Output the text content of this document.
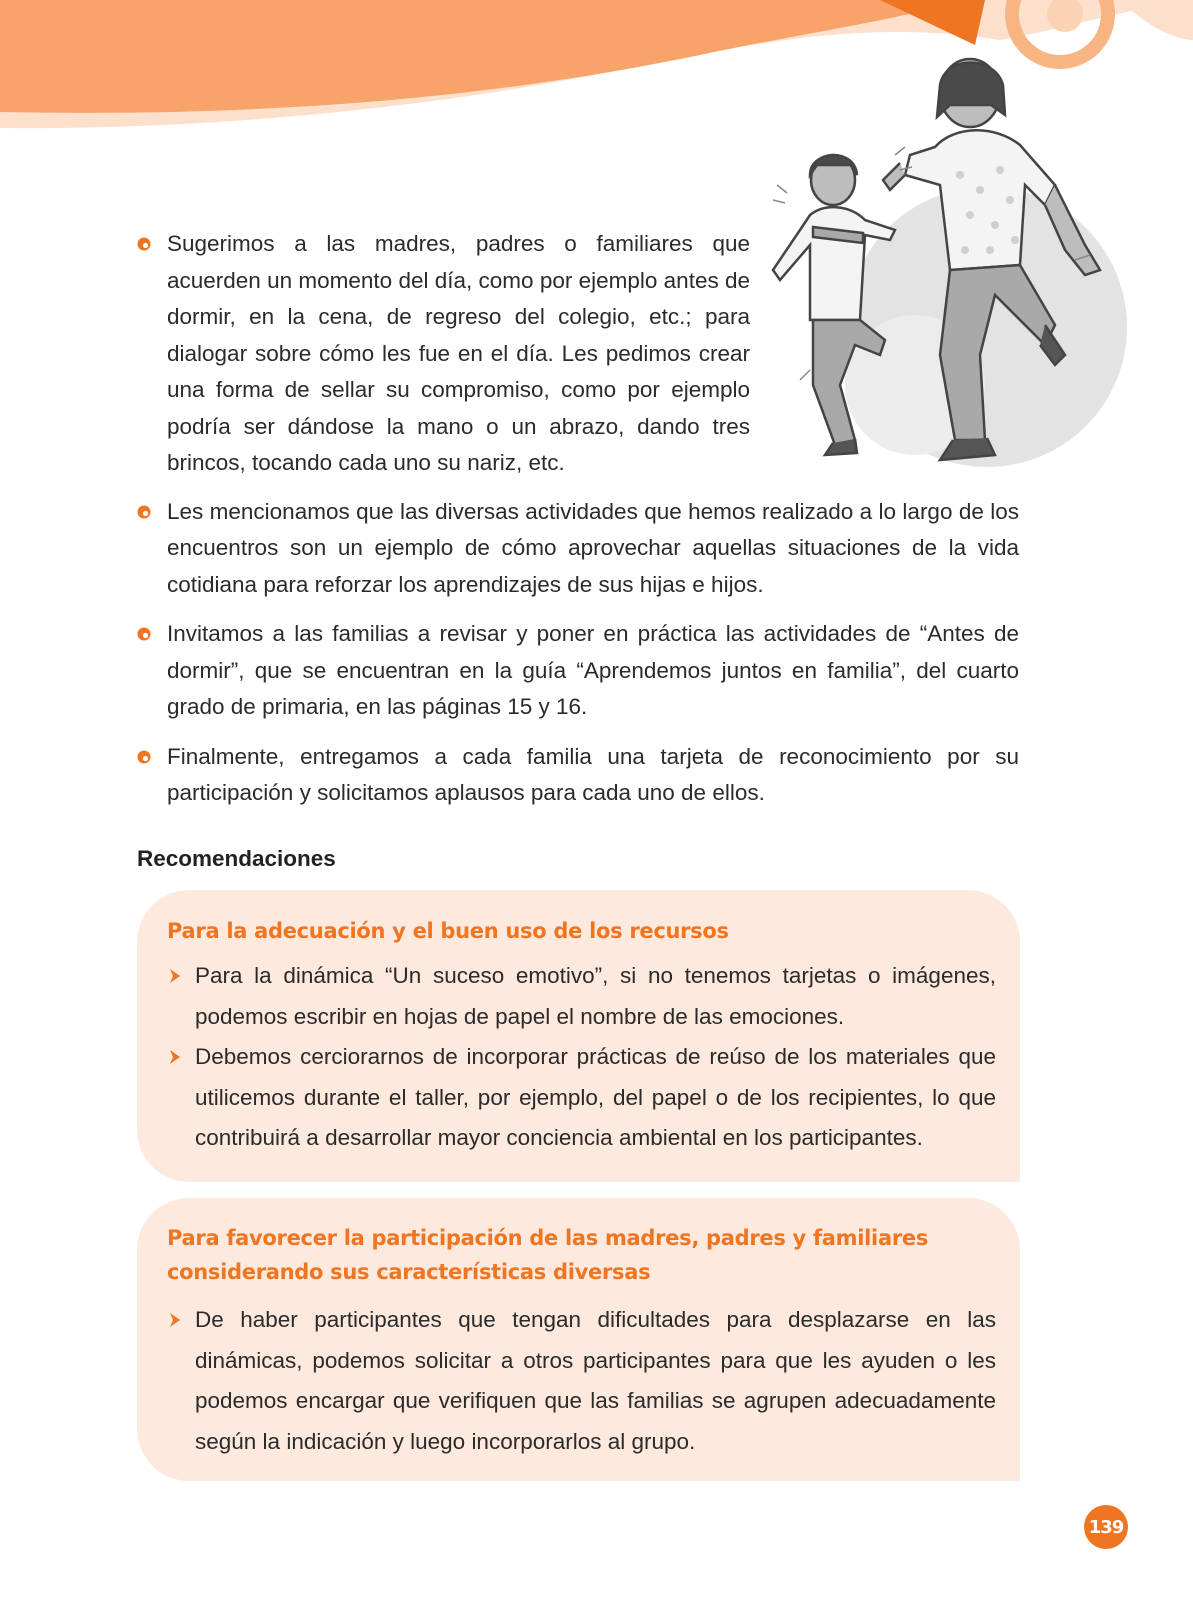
Sugerimos a las madres, padres o familiares que acuerden un momento del día, como por ejemplo antes de dormir, en la cena, de regreso del colegio, etc.; para dialogar sobre cómo les fue en el día. Les pedimos crear una forma de sellar su compromiso, como por ejemplo podría ser dándose la mano o un abrazo, dando tres brincos, tocando cada uno su nariz, etc.
Les mencionamos que las diversas actividades que hemos realizado a lo largo de los encuentros son un ejemplo de cómo aprovechar aquellas situaciones de la vida cotidiana para reforzar los aprendizajes de sus hijas e hijos.
Invitamos a las familias a revisar y poner en práctica las actividades de “Antes de dormir”, que se encuentran en la guía “Aprendemos juntos en familia”, del cuarto grado de primaria, en las páginas 15 y 16.
Finalmente, entregamos a cada familia una tarjeta de reconocimiento por su participación y solicitamos aplausos para cada uno de ellos.
Recomendaciones
Para la adecuación y el buen uso de los recursos
Para la dinámica “Un suceso emotivo”, si no tenemos tarjetas o imágenes, podemos escribir en hojas de papel el nombre de las emociones.
Debemos cerciorarnos de incorporar prácticas de reúso de los materiales que utilicemos durante el taller, por ejemplo, del papel o de los recipientes, lo que contribuirá a desarrollar mayor conciencia ambiental en los participantes.
Para favorecer la participación de las madres, padres y familiares considerando sus características diversas
De haber participantes que tengan dificultades para desplazarse en las dinámicas, podemos solicitar a otros participantes para que les ayuden o les podemos encargar que verifiquen que las familias se agrupen adecuadamente según la indicación y luego incorporarlos al grupo.
139
